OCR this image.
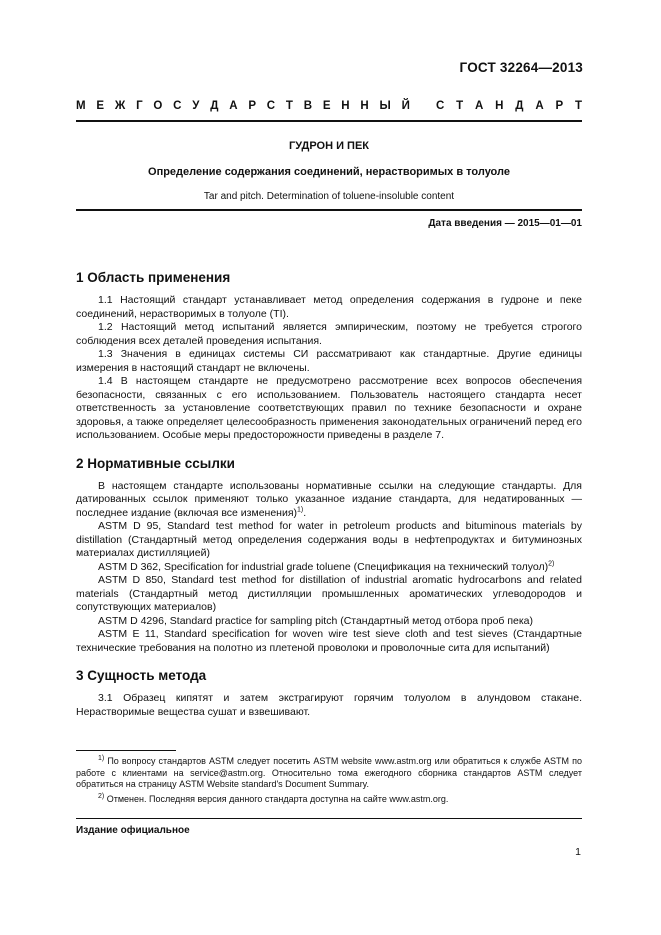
ГОСТ 32264—2013
М Е Ж Г О С У Д А Р С Т В Е Н Н Ы Й С Т А Н Д А Р Т
ГУДРОН И ПЕК
Определение содержания соединений, нерастворимых в толуоле
Tar and pitch. Determination of toluene-insoluble content
Дата введения — 2015—01—01
1 Область применения

1.1 Настоящий стандарт устанавливает метод определения содержания в гудроне и пеке соединений, нерастворимых в толуоле (TI).

1.2 Настоящий метод испытаний является эмпирическим, поэтому не требуется строгого соблюдения всех деталей проведения испытания.

1.3 Значения в единицах системы СИ рассматривают как стандартные. Другие единицы измерения в настоящий стандарт не включены.

1.4 В настоящем стандарте не предусмотрено рассмотрение всех вопросов обеспечения безопасности, связанных с его использованием. Пользователь настоящего стандарта несет ответственность за установление соответствующих правил по технике безопасности и охране здоровья, а также определяет целесообразность применения законодательных ограничений перед его использованием. Особые меры предосторожности приведены в разделе 7.

2 Нормативные ссылки

В настоящем стандарте использованы нормативные ссылки на следующие стандарты. Для датированных ссылок применяют только указанное издание стандарта, для недатированных — последнее издание (включая все изменения)$^{1)}$.

ASTM D 95, Standard test method for water in petroleum products and bituminous materials by distillation (Стандартный метод определения содержания воды в нефтепродуктах и битуминозных материалах дистилляцией)

ASTM D 362, Specification for industrial grade toluene (Спецификация на технический толуол)$^{2)}$

ASTM D 850, Standard test method for distillation of industrial aromatic hydrocarbons and related materials (Стандартный метод дистилляции промышленных ароматических углеводородов и сопутствующих материалов)

ASTM D 4296, Standard practice for sampling pitch (Стандартный метод отбора проб пека)

ASTM E 11, Standard specification for woven wire test sieve cloth and test sieves (Стандартные технические требования на полотно из плетеной проволоки и проволочные сита для испытаний)

3 Сущность метода

3.1 Образец кипятят и затем экстрагируют горячим толуолом в алундовом стакане. Нерастворимые вещества сушат и взвешивают.

$^{1)}$ По вопросу стандартов ASTM следует посетить ASTM website www.astm.org или обратиться к службе ASTM по работе с клиентами на service@astm.org. Относительно тома ежегодного сборника стандартов ASTM следует обратиться на страницу ASTM Website standard's Document Summary.

$^{2)}$ Отменен. Последняя версия данного стандарта доступна на сайте www.astm.org.

Издание официальное
1
